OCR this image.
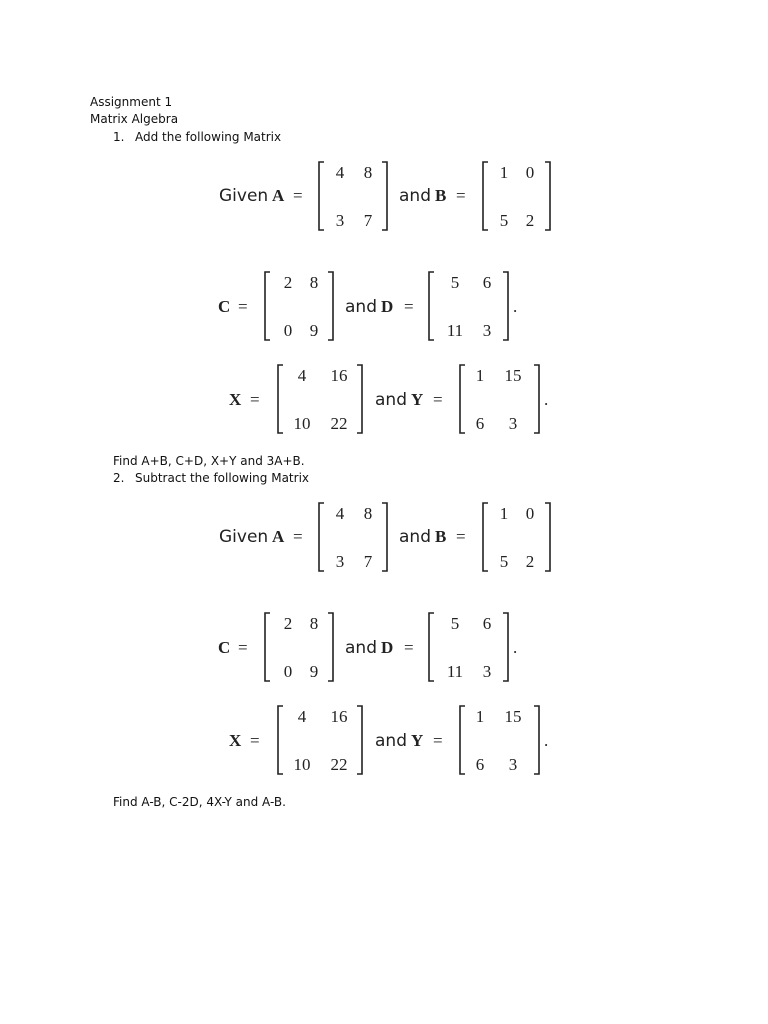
Assignment 1
Matrix Algebra
1. Add the following Matrix
Given A =
4 8
3 7
and B =
1 0
5 2
C =
2 8
0 9
and D =
5 6
11 3
.
X =
4 16
10 22
and Y =
1 15
6 3
.
Find A+B, C+D, X+Y and 3A+B.
2. Subtract the following Matrix
Given A =
4 8
3 7
and B =
1 0
5 2
C =
2 8
0 9
and D =
5 6
11 3
.
X =
4 16
10 22
and Y =
1 15
6 3
.
Find A-B, C-2D, 4X-Y and A-B.
